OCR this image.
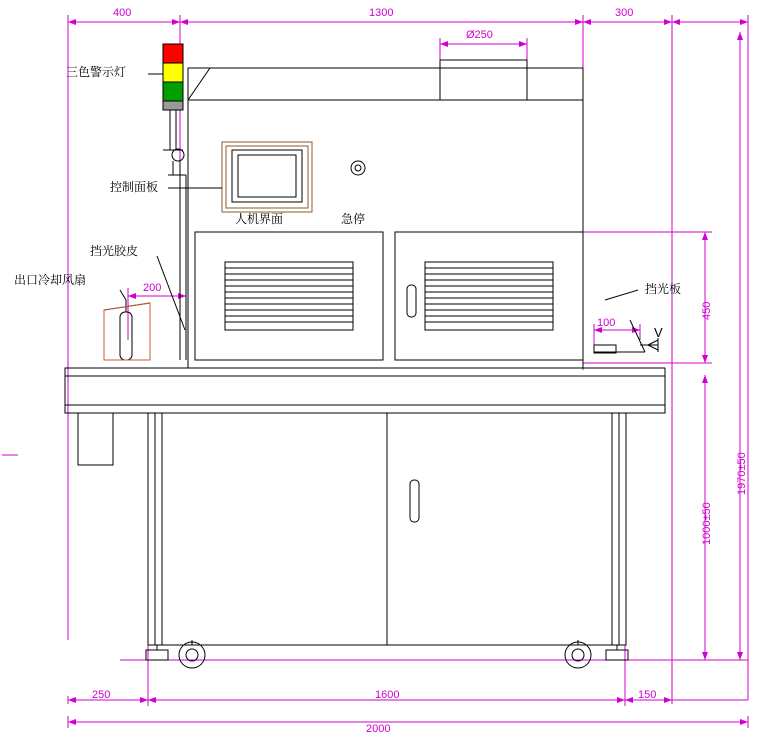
三色警示灯
控制面板
挡光胶皮
出口冷却风扇
人机界面	急停
挡光板
400	1300	300
Ø250
200
100
450
1000±50
1970±50
250	1600	150
2000
V
